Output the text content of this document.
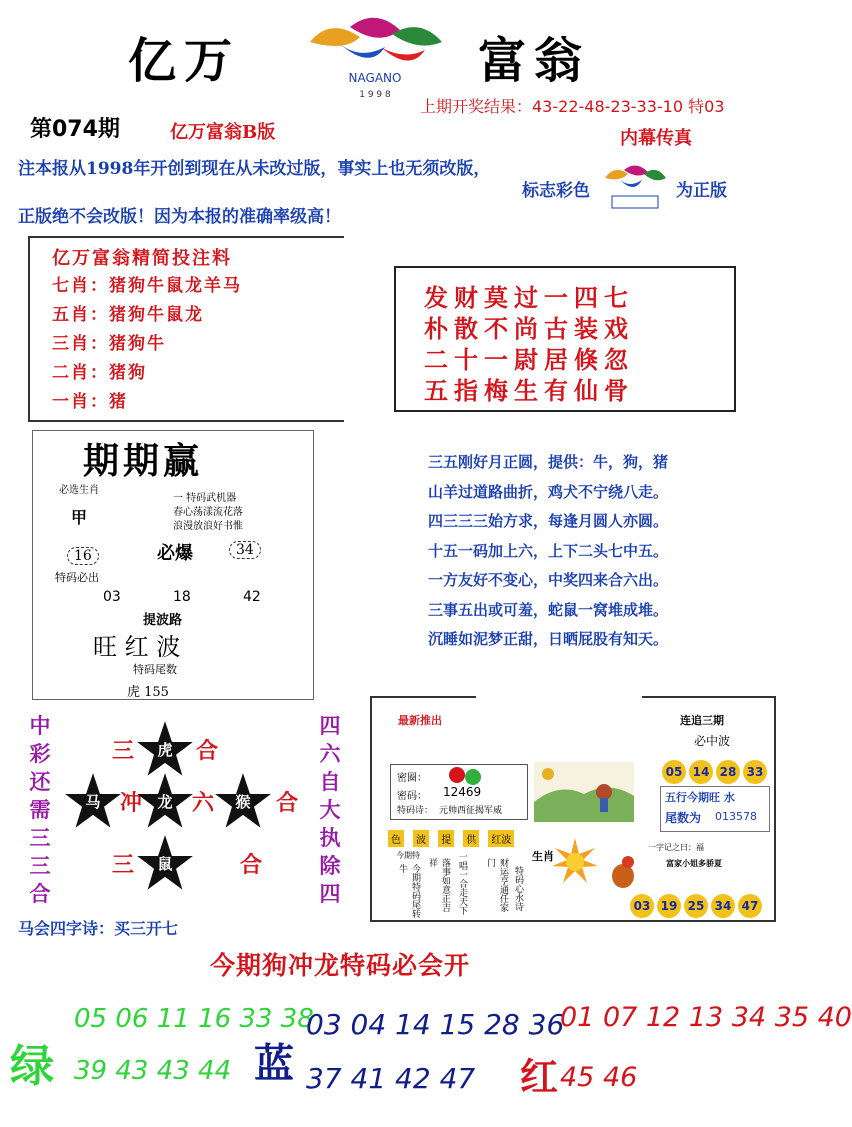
亿万	NAGANO
1 9 9 8
富翁
第074期	亿万富翁B版
上期开奖结果：43-22-48-23-33-10 特03
内幕传真
注本报从1998年开创到现在从未改过版，事实上也无须改版，
正版绝不会改版！因为本报的准确率级高！
标志彩色	为正版
亿万富翁精简投注料
七肖：猪狗牛鼠龙羊马
五肖：猪狗牛鼠龙
三肖：猪狗牛
二肖：猪狗
一肖：猪
发财莫过一四七
朴散不尚古装戏
二十一尉居倏忽
五指梅生有仙骨
期期赢
必选生肖
甲
一 特码武机器
春心荡漾流花落
浪漫放浪好书惟
16	必爆	34
特码必出
03	18	42
提波路
旺 红 波
特码尾数
虎 155
三五刚好月正圆，提供：牛，狗，猪
山羊过道路曲折，鸡犬不宁绕八走。
四三三三始方求，每逢月圆人亦圆。
十五一码加上六，上下二头七中五。
一方友好不变心，中奖四来合六出。
三事五出或可羞，蛇鼠一窝堆成堆。
沉睡如泥梦正甜，日晒屁股有知天。
中
彩
还
需
三
三
合
四
六
自
大
执
除
四
三	虎	合
马 冲	龙 六	猴	合
三	鼠	合
马会四字诗：买三开七
最新推出	连追三期
必中波
密圈：
密码： 12469
特码诗： 元帅西征揭军威
05 14 28 33
五行今期旺 水
尾数为 013578
色 波 提 供 红波
生肖
今期特
今期特码尾转牛	落事如意正吉祥	一唱一合走天下	财运亨通任家门
特码心水诗
一字记之曰：福
富家小姐多骄夏
03 19 25 34 47
今期狗冲龙特码必会开
绿
05 06 11 16 33 38
39 43 43 44 蓝
03 04 14 15 28 36
37 41 42 47 红
01 07 12 13 34 35 40
45 46
